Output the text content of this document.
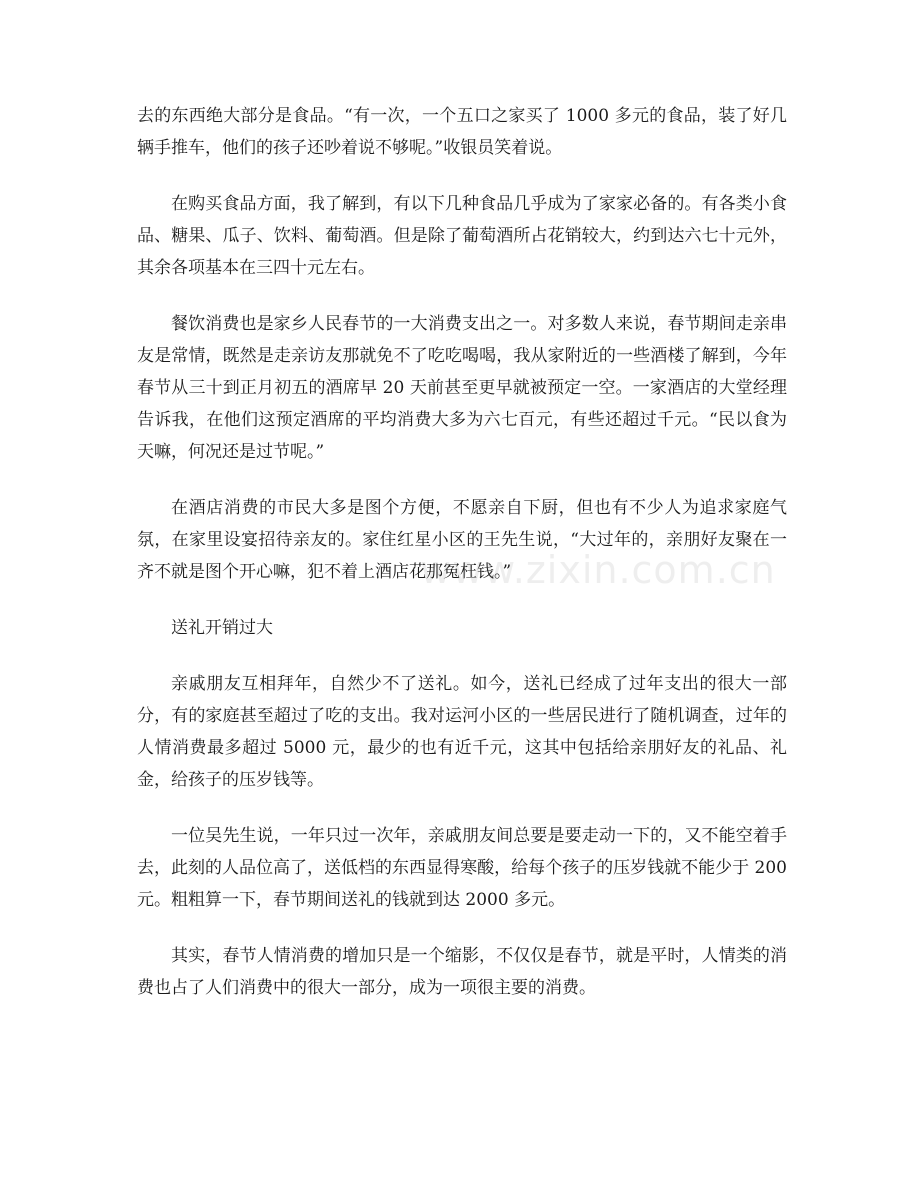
去的东西绝大部分是食品。“有一次，一个五口之家买了 1000 多元的食品，装了好几辆手推车，他们的孩子还吵着说不够呢。”收银员笑着说。

在购买食品方面，我了解到，有以下几种食品几乎成为了家家必备的。有各类小食品、糖果、瓜子、饮料、葡萄酒。但是除了葡萄酒所占花销较大，约到达六七十元外，其余各项基本在三四十元左右。

餐饮消费也是家乡人民春节的一大消费支出之一。对多数人来说，春节期间走亲串友是常情，既然是走亲访友那就免不了吃吃喝喝，我从家附近的一些酒楼了解到，今年春节从三十到正月初五的酒席早 20 天前甚至更早就被预定一空。一家酒店的大堂经理告诉我，在他们这预定酒席的平均消费大多为六七百元，有些还超过千元。“民以食为天嘛，何况还是过节呢。”

在酒店消费的市民大多是图个方便，不愿亲自下厨，但也有不少人为追求家庭气氛，在家里设宴招待亲友的。家住红星小区的王先生说，“大过年的，亲朋好友聚在一齐不就是图个开心嘛，犯不着上酒店花那冤枉钱。”

送礼开销过大

亲戚朋友互相拜年，自然少不了送礼。如今，送礼已经成了过年支出的很大一部分，有的家庭甚至超过了吃的支出。我对运河小区的一些居民进行了随机调查，过年的人情消费最多超过 5000 元，最少的也有近千元，这其中包括给亲朋好友的礼品、礼金，给孩子的压岁钱等。

一位吴先生说，一年只过一次年，亲戚朋友间总要是要走动一下的，又不能空着手去，此刻的人品位高了，送低档的东西显得寒酸，给每个孩子的压岁钱就不能少于 200 元。粗粗算一下，春节期间送礼的钱就到达 2000 多元。

其实，春节人情消费的增加只是一个缩影，不仅仅是春节，就是平时，人情类的消费也占了人们消费中的很大一部分，成为一项很主要的消费。

www.zixin.com.cn
